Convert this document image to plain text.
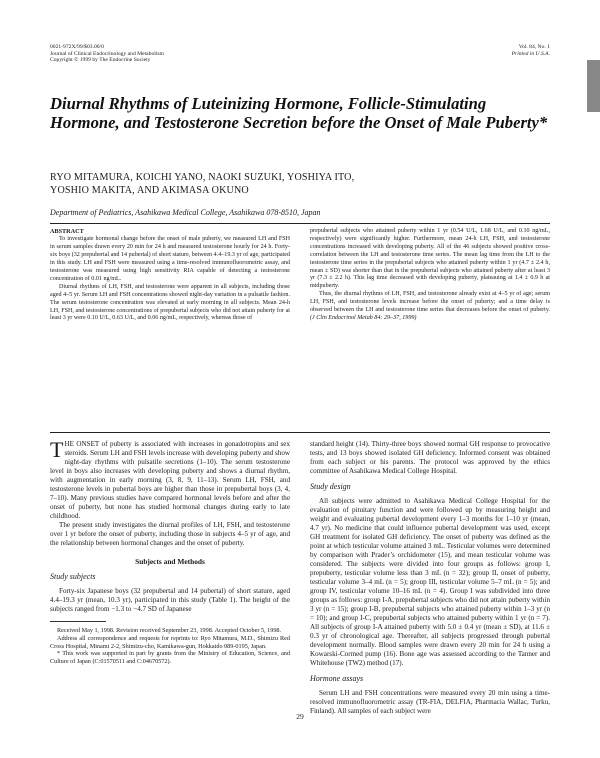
0021-972X/99/$03.00/0
Journal of Clinical Endocrinology and Metabolism
Copyright © 1999 by The Endocrine Society
Vol. 84, No. 1
Printed in U.S.A.
Diurnal Rhythms of Luteinizing Hormone, Follicle-Stimulating Hormone, and Testosterone Secretion before the Onset of Male Puberty*
RYO MITAMURA, KOICHI YANO, NAOKI SUZUKI, YOSHIYA ITO,
YOSHIO MAKITA, AND AKIMASA OKUNO
Department of Pediatrics, Asahikawa Medical College, Asahikawa 078-8510, Japan
ABSTRACT

To investigate hormonal change before the onset of male puberty, we measured LH and FSH in serum samples drawn every 20 min for 24 h and measured testosterone hourly for 24 h. Forty-six boys (32 prepubertal and 14 pubertal) of short stature, between 4.4–19.3 yr of age, participated in this study. LH and FSH were measured using a time-resolved immunofluorometric assay, and testosterone was measured using high sensitivity RIA capable of detecting a testosterone concentration of 0.01 ng/mL.

Diurnal rhythms of LH, FSH, and testosterone were apparent in all subjects, including those aged 4–5 yr. Serum LH and FSH concentrations showed night-day variation in a pulsatile fashion. The serum testosterone concentration was elevated at early morning in all subjects. Mean 24-h LH, FSH, and testosterone concentrations of prepubertal subjects who did not attain puberty for at least 3 yr were 0.10 U/L, 0.63 U/L, and 0.06 ng/mL, respectively, whereas those of

prepubertal subjects who attained puberty within 1 yr (0.54 U/L, 1.68 U/L, and 0.10 ng/mL, respectively) were significantly higher. Furthermore, mean 24-h LH, FSH, and testosterone concentrations increased with developing puberty. All of the 46 subjects showed positive cross-correlation between the LH and testosterone time series. The mean lag time from the LH to the testosterone time series in the prepubertal subjects who attained puberty within 1 yr (4.7 ± 2.4 h, mean ± SD) was shorter than that in the prepubertal subjects who attained puberty after at least 3 yr (7.3 ± 2.2 h). This lag time decreased with developing puberty, plateauing at 1.4 ± 0.9 h at midpuberty.

Thus, the diurnal rhythms of LH, FSH, and testosterone already exist at 4–5 yr of age; serum LH, FSH, and testosterone levels increase before the onset of puberty; and a time delay is observed between the LH and testosterone time series that decreases before the onset of puberty. (J Clin Endocrinol Metab 84: 29–37, 1999)

THE ONSET of puberty is associated with increases in gonadotropins and sex steroids. Serum LH and FSH levels increase with developing puberty and show night-day rhythms with pulsatile secretions (1–10). The serum testosterone level in boys also increases with developing puberty and shows a diurnal rhythm, with augmentation in early morning (3, 8, 9, 11–13). Serum LH, FSH, and testosterone levels in pubertal boys are higher than those in prepubertal boys (3, 4, 7–10). Many previous studies have compared hormonal levels before and after the onset of puberty, but none has studied hormonal changes during early to late childhood.

The present study investigates the diurnal profiles of LH, FSH, and testosterone over 1 yr before the onset of puberty, including those in subjects 4–5 yr of age, and the relationship between hormonal changes and the onset of puberty.

Subjects and Methods
Study subjects

Forty-six Japanese boys (32 prepubertal and 14 pubertal) of short stature, aged 4.4–19.3 yr (mean, 10.3 yr), participated in this study (Table 1). The height of the subjects ranged from −1.3 to −4.7 SD of Japanese

Received May 1, 1998. Revision received September 23, 1998. Accepted October 5, 1998.

Address all correspondence and requests for reprints to: Ryo Mitamura, M.D., Shimizu Red Cross Hospital, Minami 2-2, Shimizu-cho, Kamikawa-gun, Hokkaido 089-0195, Japan.

* This work was supported in part by grants from the Ministry of Education, Science, and Culture of Japan (C:01570511 and C:04670572).

standard height (14). Thirty-three boys showed normal GH response to provocative tests, and 13 boys showed isolated GH deficiency. Informed consent was obtained from each subject or his parents. The protocol was approved by the ethics committee of Asahikawa Medical College Hospital.

Study design

All subjects were admitted to Asahikawa Medical College Hospital for the evaluation of pituitary function and were followed up by measuring height and weight and evaluating pubertal development every 1–3 months for 1–10 yr (mean, 4.7 yr). No medicine that could influence pubertal development was used, except GH treatment for isolated GH deficiency. The onset of puberty was defined as the point at which testicular volume attained 3 mL. Testicular volumes were determined by comparison with Prader’s orchidometer (15), and mean testicular volume was considered. The subjects were divided into four groups as follows: group I, prepuberty, testicular volume less than 3 mL (n = 32); group II, onset of puberty, testicular volume 3–4 mL (n = 5); group III, testicular volume 5–7 mL (n = 5); and group IV, testicular volume 10–16 mL (n = 4). Group I was subdivided into three groups as follows: group I-A, prepubertal subjects who did not attain puberty within 3 yr (n = 15); group I-B, prepubertal subjects who attained puberty within 1–3 yr (n = 10); and group I-C, prepubertal subjects who attained puberty within 1 yr (n = 7). All subjects of group I-A attained puberty with 5.0 ± 0.4 yr (mean ± SD), at 11.6 ± 0.3 yr of chronological age. Thereafter, all subjects progressed through pubertal development normally. Blood samples were drawn every 20 min for 24 h using a Kowarski-Cormed pump (16). Bone age was assessed according to the Tanner and Whitehouse (TW2) method (17).

Hormone assays

Serum LH and FSH concentrations were measured every 20 min using a time-resolved immunofluorometric assay (TR-FIA, DELFIA, Pharmacia Wallac, Turku, Finland). All samples of each subject were

29
